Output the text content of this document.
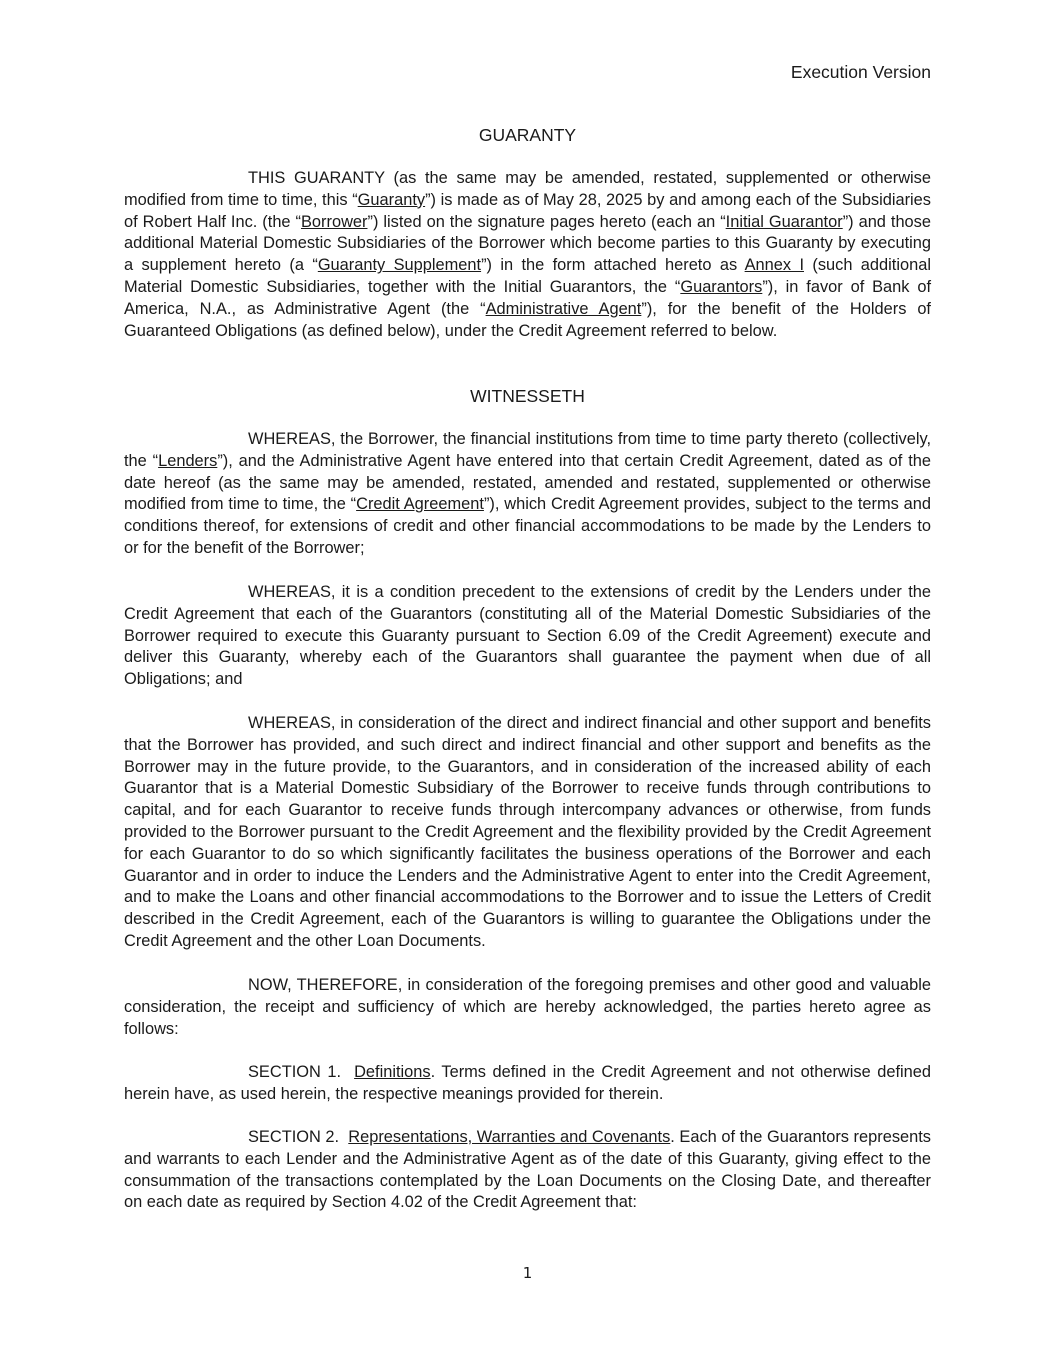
Execution Version
GUARANTY

THIS GUARANTY (as the same may be amended, restated, supplemented or otherwise modified from time to time, this “Guaranty”) is made as of May 28, 2025 by and among each of the Subsidiaries of Robert Half Inc. (the “Borrower”) listed on the signature pages hereto (each an “Initial Guarantor”) and those additional Material Domestic Subsidiaries of the Borrower which become parties to this Guaranty by executing a supplement hereto (a “Guaranty Supplement”) in the form attached hereto as Annex I (such additional Material Domestic Subsidiaries, together with the Initial Guarantors, the “Guarantors”), in favor of Bank of America, N.A., as Administrative Agent (the “Administrative Agent”), for the benefit of the Holders of Guaranteed Obligations (as defined below), under the Credit Agreement referred to below.

WITNESSETH

WHEREAS, the Borrower, the financial institutions from time to time party thereto (collectively, the “Lenders”), and the Administrative Agent have entered into that certain Credit Agreement, dated as of the date hereof (as the same may be amended, restated, amended and restated, supplemented or otherwise modified from time to time, the “Credit Agreement”), which Credit Agreement provides, subject to the terms and conditions thereof, for extensions of credit and other financial accommodations to be made by the Lenders to or for the benefit of the Borrower;

WHEREAS, it is a condition precedent to the extensions of credit by the Lenders under the Credit Agreement that each of the Guarantors (constituting all of the Material Domestic Subsidiaries of the Borrower required to execute this Guaranty pursuant to Section 6.09 of the Credit Agreement) execute and deliver this Guaranty, whereby each of the Guarantors shall guarantee the payment when due of all Obligations; and

WHEREAS, in consideration of the direct and indirect financial and other support and benefits that the Borrower has provided, and such direct and indirect financial and other support and benefits as the Borrower may in the future provide, to the Guarantors, and in consideration of the increased ability of each Guarantor that is a Material Domestic Subsidiary of the Borrower to receive funds through contributions to capital, and for each Guarantor to receive funds through intercompany advances or otherwise, from funds provided to the Borrower pursuant to the Credit Agreement and the flexibility provided by the Credit Agreement for each Guarantor to do so which significantly facilitates the business operations of the Borrower and each Guarantor and in order to induce the Lenders and the Administrative Agent to enter into the Credit Agreement, and to make the Loans and other financial accommodations to the Borrower and to issue the Letters of Credit described in the Credit Agreement, each of the Guarantors is willing to guarantee the Obligations under the Credit Agreement and the other Loan Documents.

NOW, THEREFORE, in consideration of the foregoing premises and other good and valuable consideration, the receipt and sufficiency of which are hereby acknowledged, the parties hereto agree as follows:

SECTION 1. Definitions. Terms defined in the Credit Agreement and not otherwise defined herein have, as used herein, the respective meanings provided for therein.

SECTION 2. Representations, Warranties and Covenants. Each of the Guarantors represents and warrants to each Lender and the Administrative Agent as of the date of this Guaranty, giving effect to the consummation of the transactions contemplated by the Loan Documents on the Closing Date, and thereafter on each date as required by Section 4.02 of the Credit Agreement that:

1
